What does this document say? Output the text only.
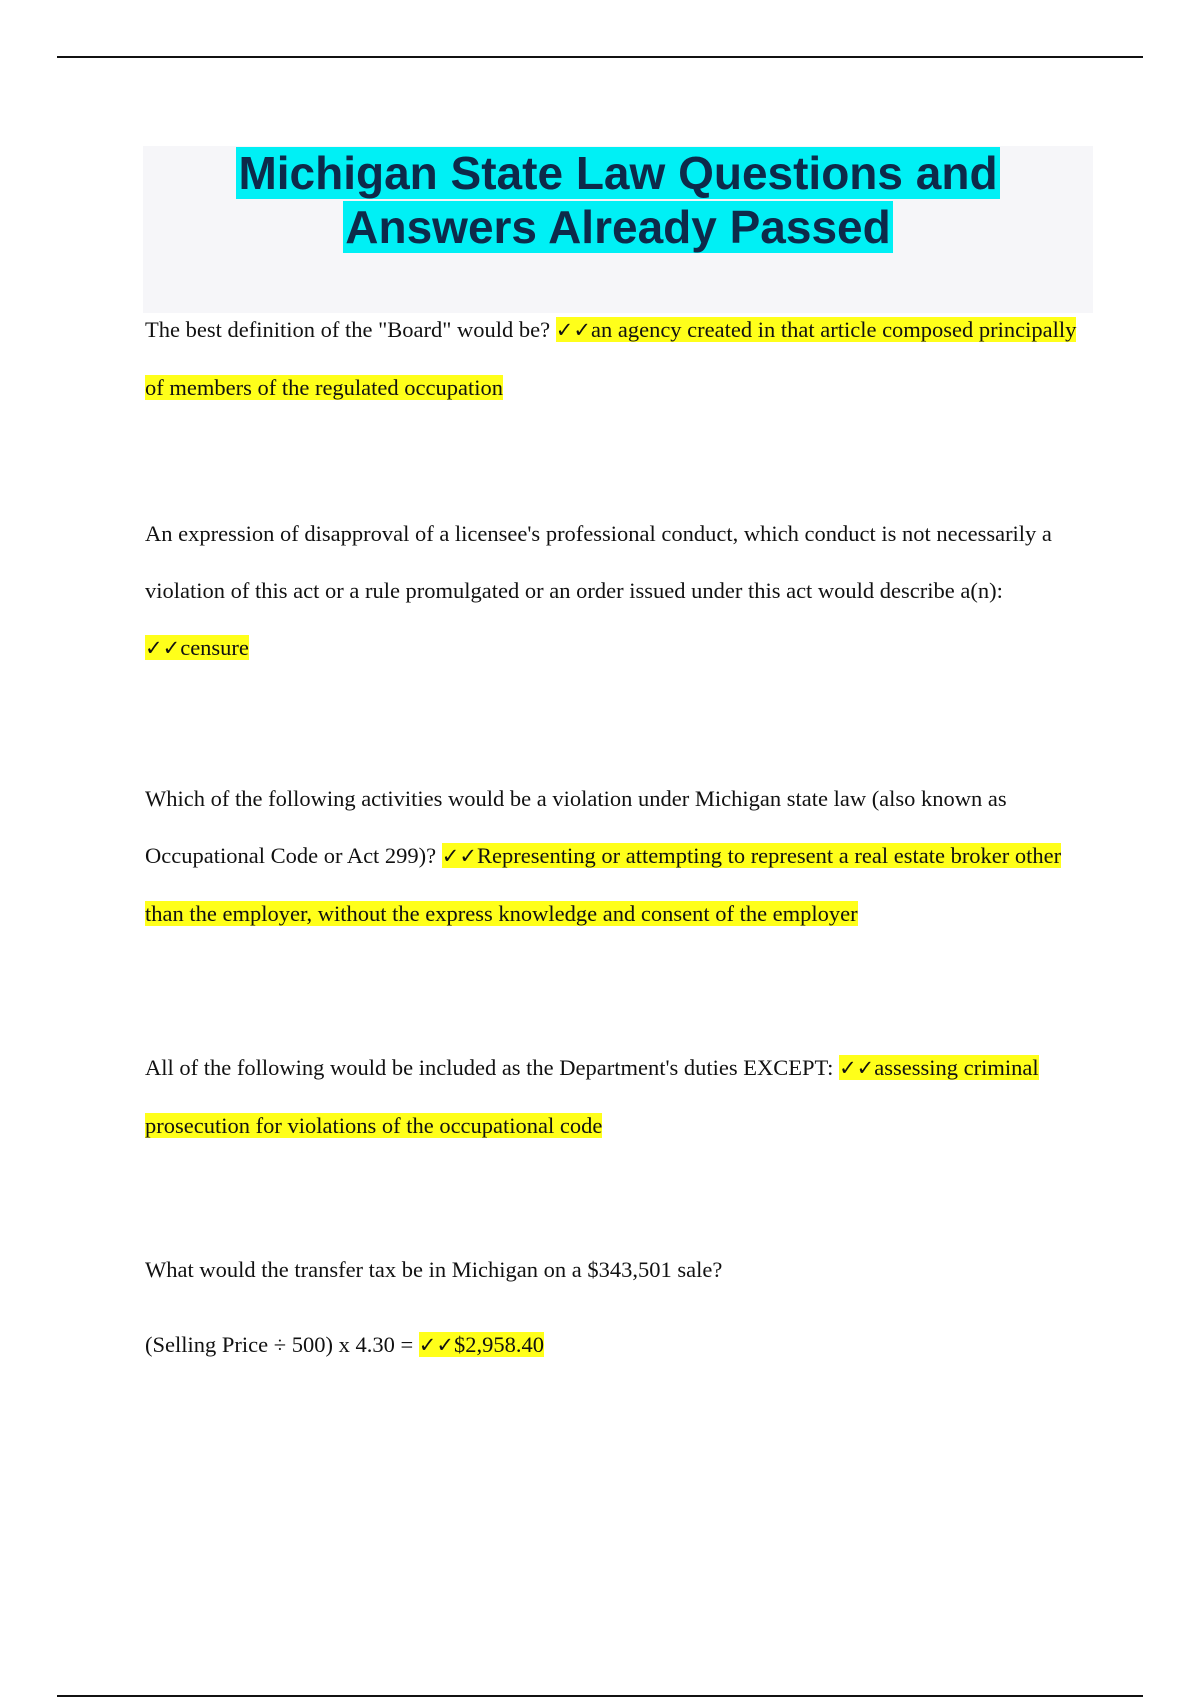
Michigan State Law Questions and Answers Already Passed
The best definition of the "Board" would be? ✓✓an agency created in that article composed principally of members of the regulated occupation
An expression of disapproval of a licensee's professional conduct, which conduct is not necessarily a violation of this act or a rule promulgated or an order issued under this act would describe a(n): ✓✓censure
Which of the following activities would be a violation under Michigan state law (also known as Occupational Code or Act 299)? ✓✓Representing or attempting to represent a real estate broker other than the employer, without the express knowledge and consent of the employer
All of the following would be included as the Department's duties EXCEPT: ✓✓assessing criminal prosecution for violations of the occupational code
What would the transfer tax be in Michigan on a $343,501 sale?
(Selling Price ÷ 500) x 4.30 = ✓✓$2,958.40
